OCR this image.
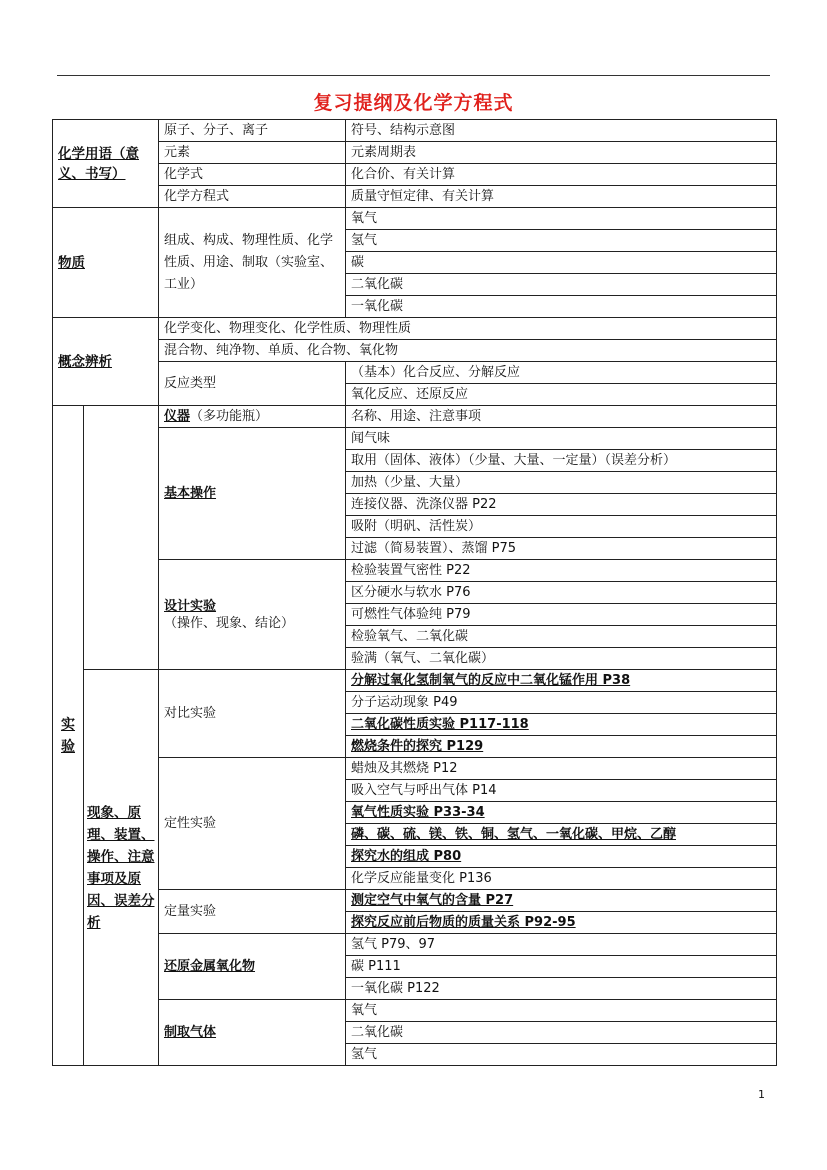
复习提纲及化学方程式
化学用语（意义、书写）		原子、分子、离子	符号、结构示意图
		元素	元素周期表
		化学式	化合价、有关计算
		化学方程式	质量守恒定律、有关计算
物质		组成、构成、物理性质、化学性质、用途、制取（实验室、工业）	氧气
			氢气
			碳
			二氧化碳
			一氧化碳
概念辨析		化学变化、物理变化、化学性质、物理性质	
		混合物、纯净物、单质、化合物、氧化物	
		反应类型	（基本）化合反应、分解反应
			氧化反应、还原反应
实验		仪器（多功能瓶）	名称、用途、注意事项
		基本操作	闻气味
			取用（固体、液体）（少量、大量、一定量）（误差分析）
			加热（少量、大量）
			连接仪器、洗涤仪器 P22
			吸附（明矾、活性炭）
			过滤（简易装置）、蒸馏 P75
		设计实验（操作、现象、结论）	检验装置气密性 P22
			区分硬水与软水 P76
			可燃性气体验纯 P79
			检验氧气、二氧化碳
			验满（氧气、二氧化碳）
	现象、原理、装置、操作、注意事项及原因、误差分析	对比实验	分解过氧化氢制氧气的反应中二氧化锰作用 P38
			分子运动现象 P49
			二氧化碳性质实验 P117-118
			燃烧条件的探究 P129
		定性实验	蜡烛及其燃烧 P12
			吸入空气与呼出气体 P14
			氧气性质实验 P33-34
			磷、碳、硫、镁、铁、铜、氢气、一氧化碳、甲烷、乙醇
			探究水的组成 P80
			化学反应能量变化 P136
		定量实验	测定空气中氧气的含量 P27
			探究反应前后物质的质量关系 P92-95
		还原金属氧化物	氢气 P79、97
			碳 P111
			一氧化碳 P122
		制取气体	氧气
			二氧化碳
			氢气
1
